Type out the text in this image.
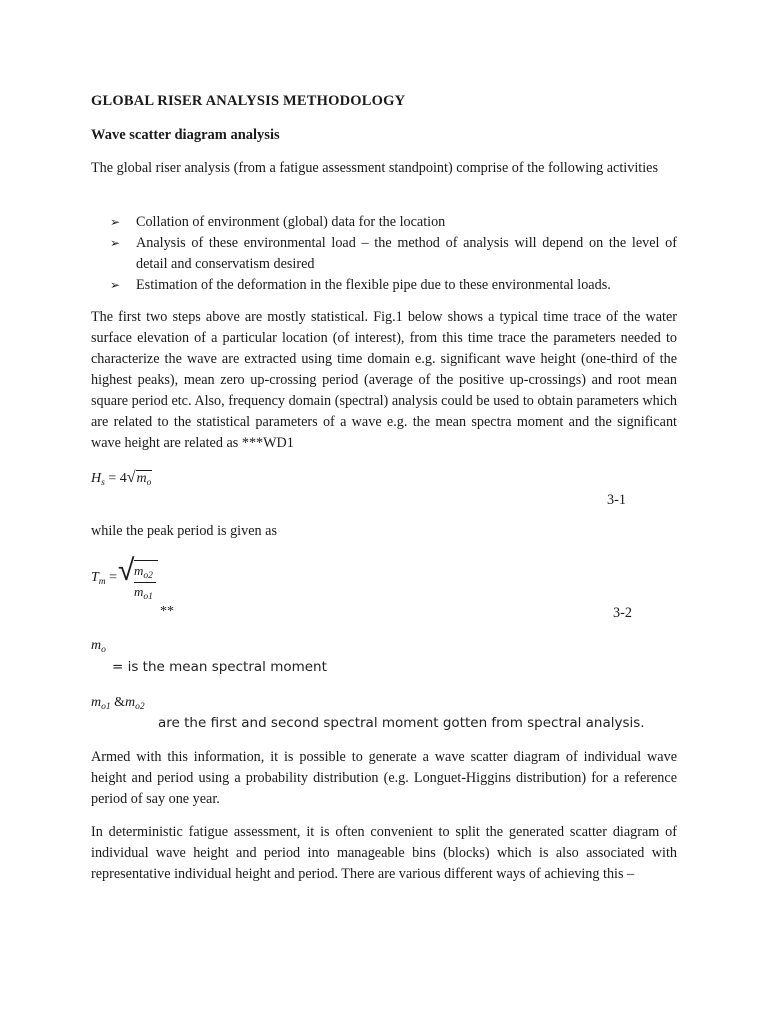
GLOBAL RISER ANALYSIS METHODOLOGY
Wave scatter diagram analysis
The global riser analysis (from a fatigue assessment standpoint) comprise of the following activities
➢ Collation of environment (global) data for the location
➢ Analysis of these environmental load – the method of analysis will depend on the level of detail and conservatism desired
➢ Estimation of the deformation in the flexible pipe due to these environmental loads.
The first two steps above are mostly statistical. Fig.1 below shows a typical time trace of the water surface elevation of a particular location (of interest), from this time trace the parameters needed to characterize the wave are extracted using time domain e.g. significant wave height (one-third of the highest peaks), mean zero up-crossing period (average of the positive up-crossings) and root mean square period etc. Also, frequency domain (spectral) analysis could be used to obtain parameters which are related to the statistical parameters of a wave e.g. the mean spectra moment and the significant wave height are related as ***WD1
$H_s = 4√m_o$
3-1
while the peak period is given as
$T_m$ = √ $m_{o2}$
$m_{o1}$
**	3-2
$m_o$
= is the mean spectral moment
$m_{o1}$ $\&m_{o2}$
are the first and second spectral moment gotten from spectral analysis.
Armed with this information, it is possible to generate a wave scatter diagram of individual wave height and period using a probability distribution (e.g. Longuet-Higgins distribution) for a reference period of say one year.
In deterministic fatigue assessment, it is often convenient to split the generated scatter diagram of individual wave height and period into manageable bins (blocks) which is also associated with representative individual height and period. There are various different ways of achieving this –
